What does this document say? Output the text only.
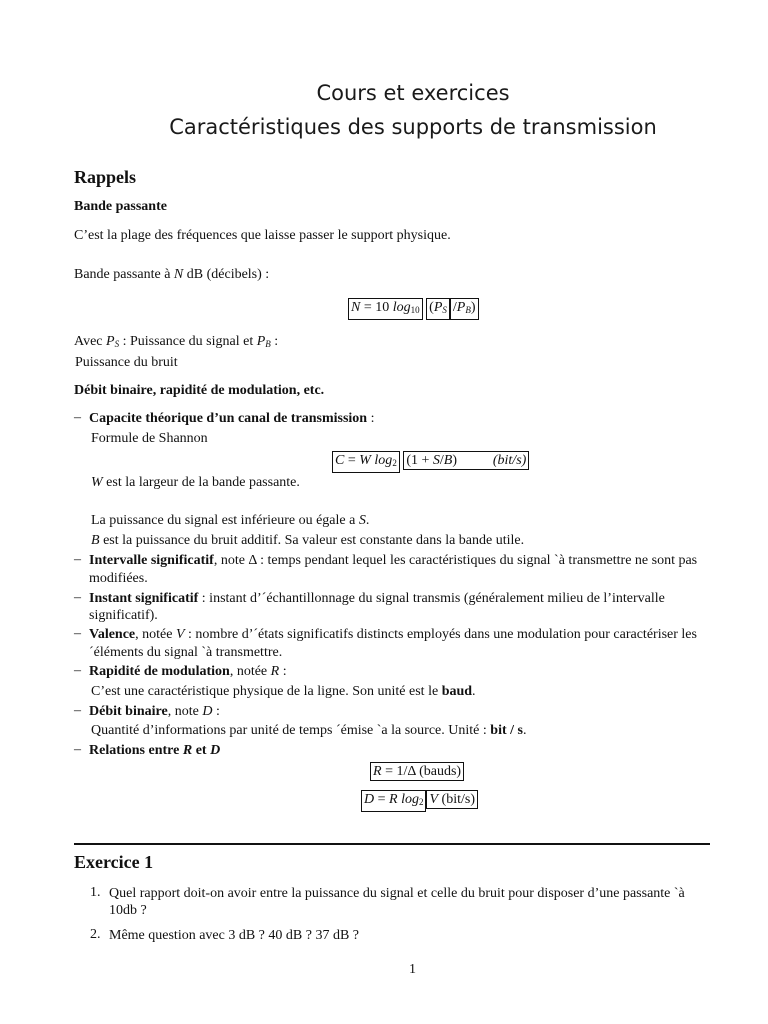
Cours et exercices
Caractéristiques des supports de transmission
Rappels
Bande passante
C’est la plage des fréquences que laisse passer le support physique.
Bande passante à N dB (décibels) :
N = 10 $\log_{10} (P_S$ $/P_B$)
Avec $P_S$ : Puissance du signal et $P_B$ :
Puissance du bruit
Débit binaire, rapidité de modulation, etc.
– Capacite théorique d’un canal de transmission :
Formule de Shannon
C = W $\log_2 (1 + S/B)$	(bit/s)
W est la largeur de la bande passante.
La puissance du signal est inférieure ou égale a S.
B est la puissance du bruit additif. Sa valeur est constante dans la bande utile.
– Intervalle significatif, note Δ : temps pendant lequel les caractéristiques du signal `à transmettre ne sont pas
modifiées.
– Instant significatif : instant d’´échantillonnage du signal transmis (généralement milieu de l’intervalle
significatif).
– Valence, notée V : nombre d’´états significatifs distincts employés dans une modulation pour caractériser les
´éléments du signal `à transmettre.
– Rapidité de modulation, notée R :
C’est une caractéristique physique de la ligne. Son unité est le baud.
– Débit binaire, note D :
Quantité d’informations par unité de temps ´émise `a la source. Unité : bit / s.
– Relations entre R et D
R = 1/Δ (bauds)
D = R $\log_2 V$ (bit/s)
Exercice 1
1. Quel rapport doit-on avoir entre la puissance du signal et celle du bruit pour disposer d’une passante `à
10db ?
2. Même question avec 3 dB ? 40 dB ? 37 dB ?
1
